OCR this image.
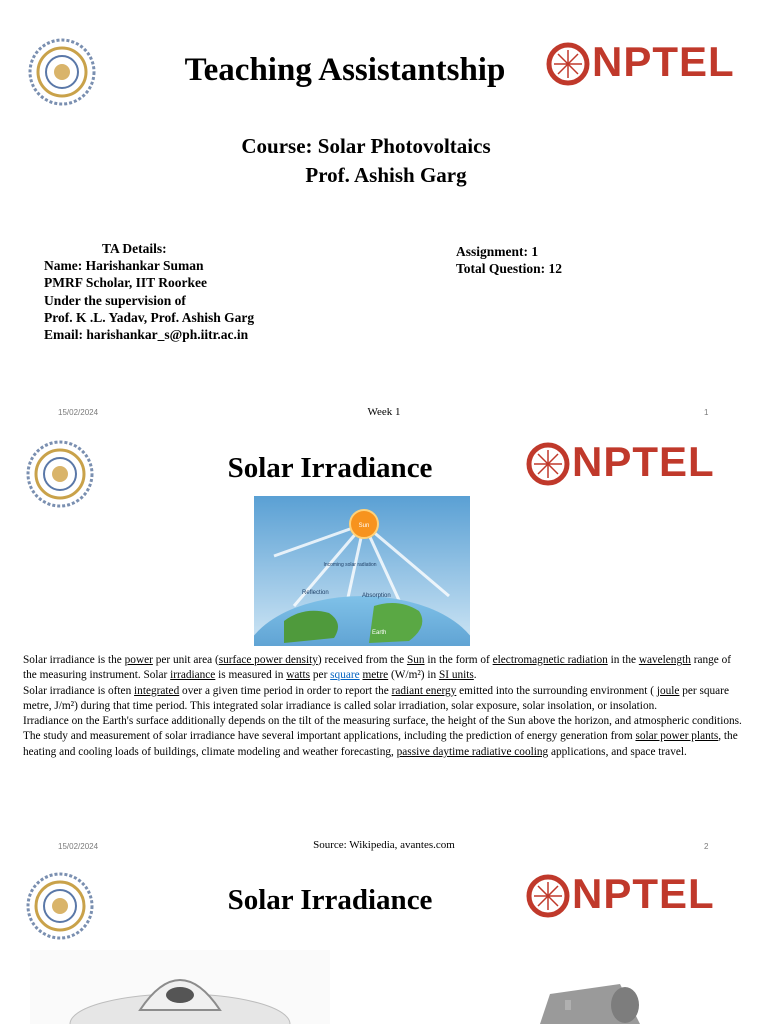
Teaching Assistantship	NPTEL
Course: Solar Photovoltaics
Prof. Ashish Garg
TA Details:
Name: Harishankar Suman
PMRF Scholar, IIT Roorkee
Under the supervision of
Prof. K .L. Yadav, Prof. Ashish Garg
Email: harishankar_s@ph.iitr.ac.in
Assignment: 1
Total Question: 12
15/02/2024	Week 1	1
Solar Irradiance	NPTEL
Sun
Incoming solar radiation
Reflection	Absorption
Earth
Solar irradiance is the power per unit area (surface power density) received from the Sun in the form of electromagnetic radiation in the wavelength range of the measuring instrument. Solar irradiance is measured in watts per square metre (W/m²) in SI units.
Solar irradiance is often integrated over a given time period in order to report the radiant energy emitted into the surrounding environment ( joule per square metre, J/m²) during that time period. This integrated solar irradiance is called solar irradiation, solar exposure, solar insolation, or insolation.
Irradiance on the Earth's surface additionally depends on the tilt of the measuring surface, the height of the Sun above the horizon, and atmospheric conditions.
The study and measurement of solar irradiance have several important applications, including the prediction of energy generation from solar power plants, the heating and cooling loads of buildings, climate modeling and weather forecasting, passive daytime radiative cooling applications, and space travel.
15/02/2024	Source: Wikipedia, avantes.com	2
Solar Irradiance	NPTEL
